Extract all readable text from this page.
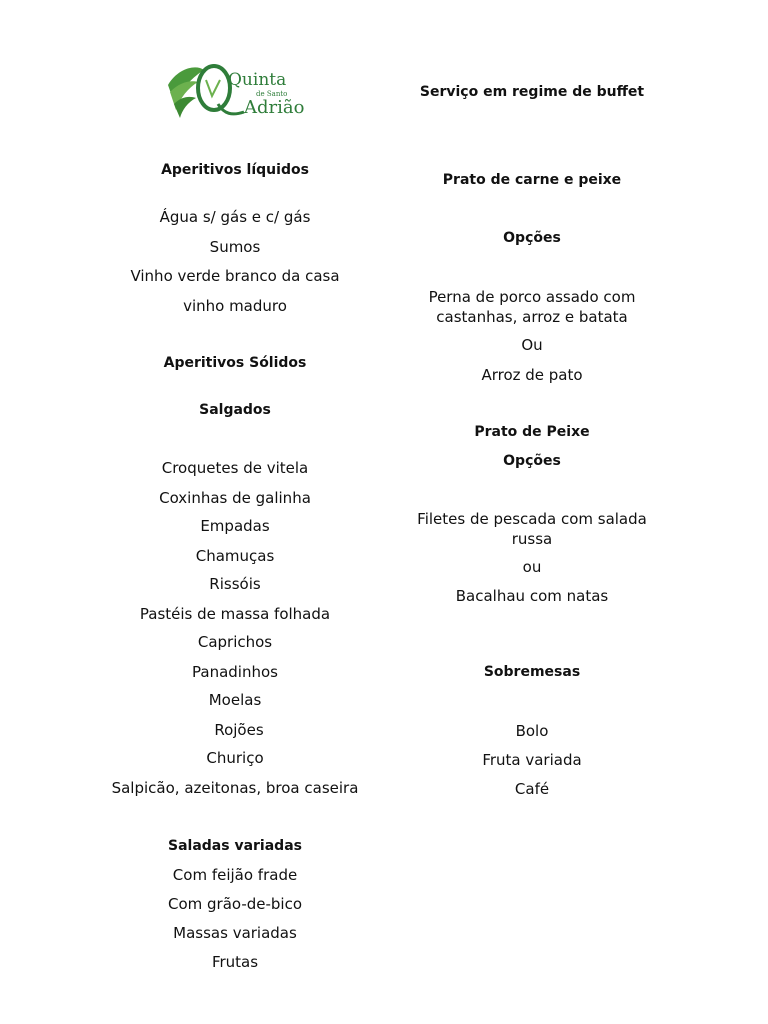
Quinta
de Santo
Adrião
Aperitivos líquidos
Água s/ gás e c/ gás
Sumos
Vinho verde branco da casa
vinho maduro
Aperitivos Sólidos
Salgados
Croquetes de vitela
Coxinhas de galinha
Empadas
Chamuças
Rissóis
Pastéis de massa folhada
Caprichos
Panadinhos
Moelas
Rojões
Churiço
Salpicão, azeitonas, broa caseira
Saladas variadas
Com feijão frade
Com grão-de-bico
Massas variadas
Frutas
Serviço em regime de buffet
Prato de carne e peixe
Opções
Perna de porco assado com castanhas, arroz e batata
Ou
Arroz de pato
Prato de Peixe
Opções
Filetes de pescada com salada russa
ou
Bacalhau com natas
Sobremesas
Bolo
Fruta variada
Café
